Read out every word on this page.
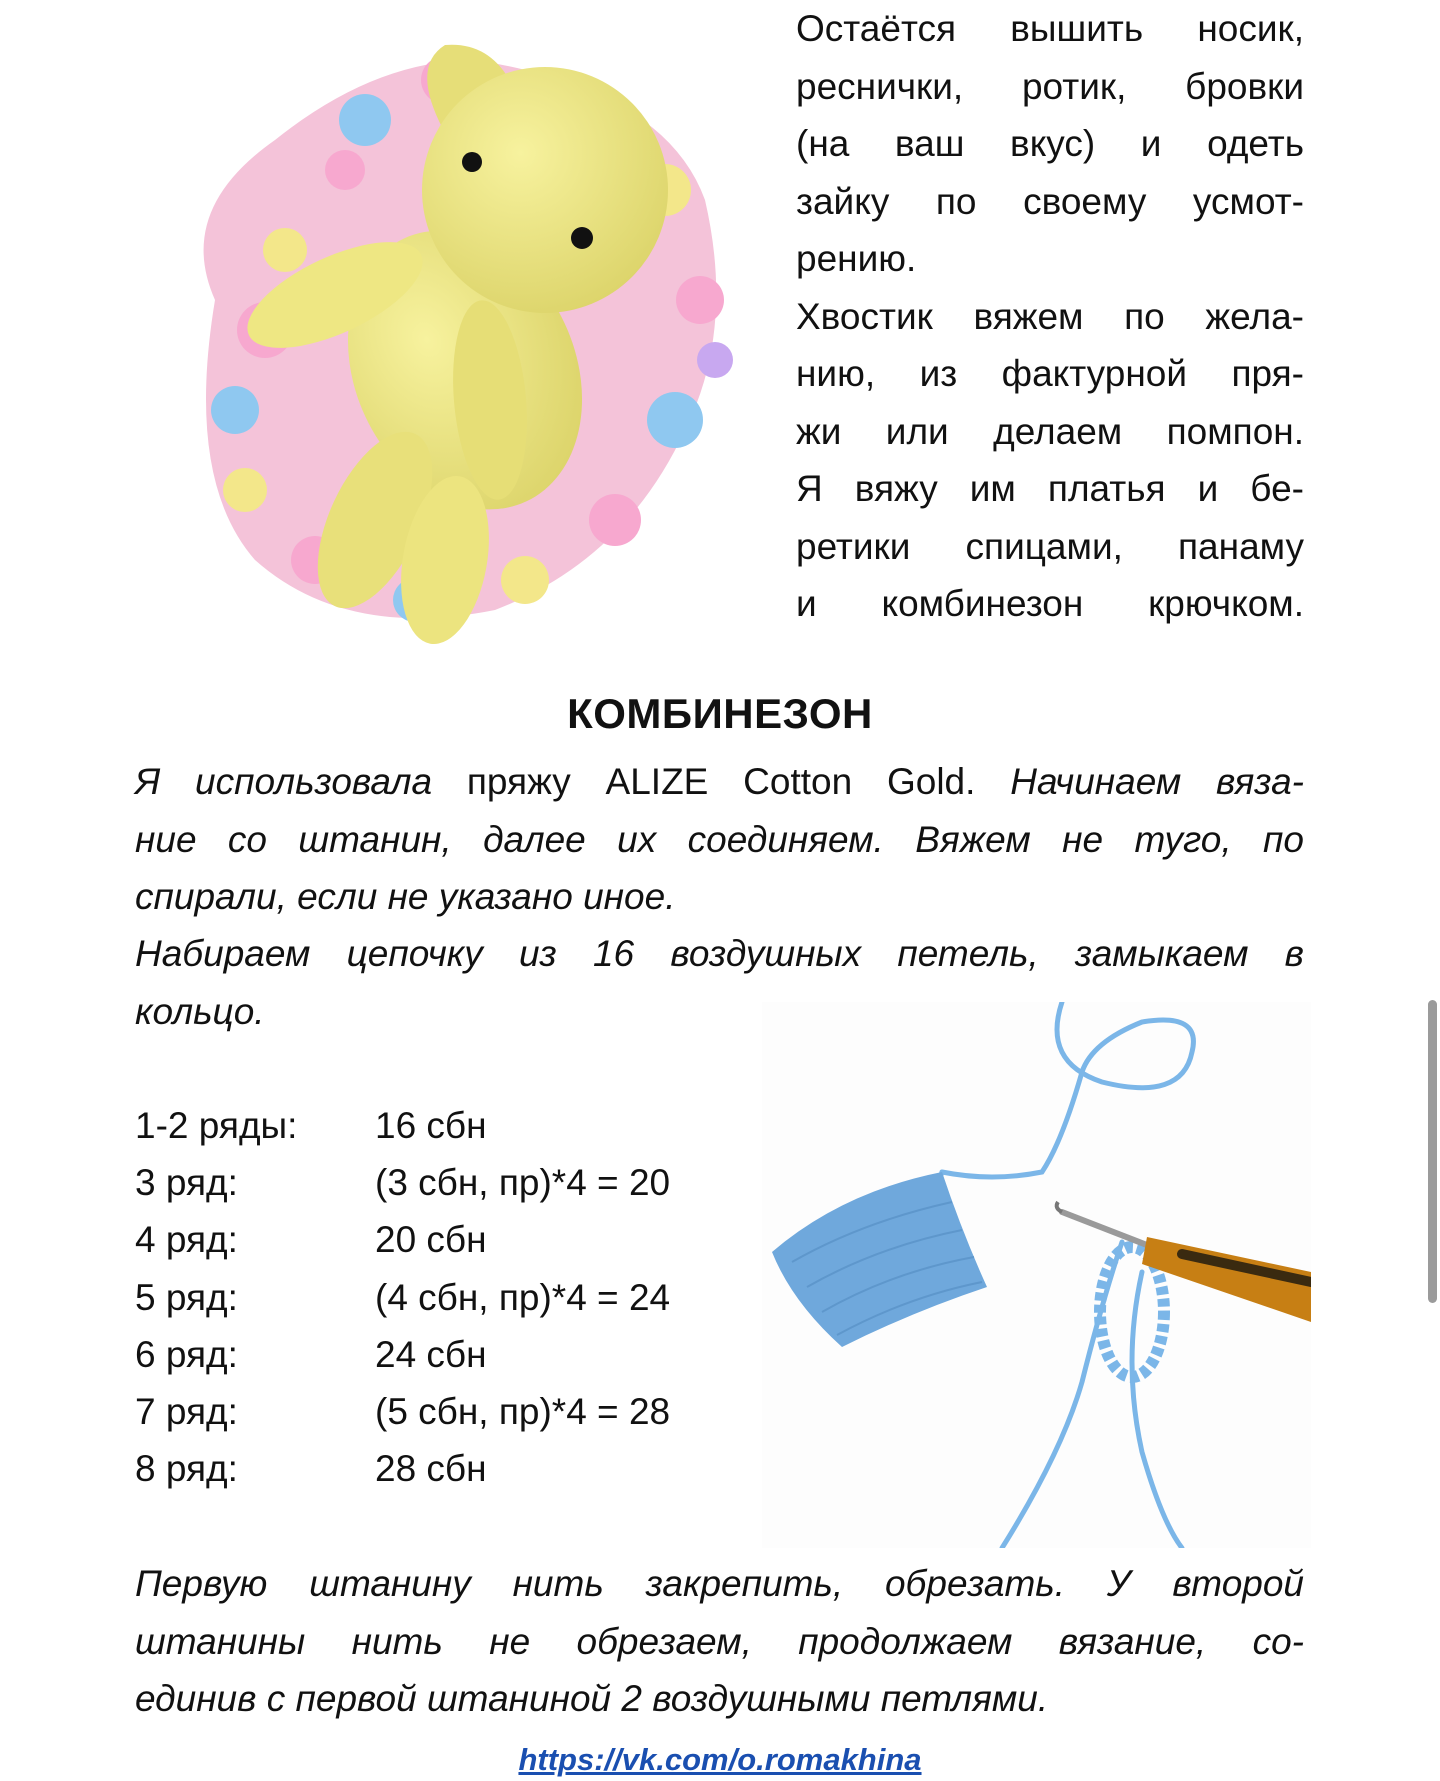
Остаётся вышить носик,
реснички, ротик, бровки
(на ваш вкус) и одеть
зайку по своему усмот-
рению.

Хвостик вяжем по жела-
нию, из фактурной пря-
жи или делаем помпон.

Я вяжу им платья и бе-
ретики спицами, панаму
и комбинезон крючком.

КОМБИНЕЗОН
Я использовала пряжу ALIZE Cotton Gold. Начинаем вяза-
ние со штанин, далее их соединяем. Вяжем не туго, по
спирали, если не указано иное.
Набираем цепочку из 16 воздушных петель, замыкаем в
кольцо.
1-2 ряды:	16 сбн
3 ряд:	(3 сбн, пр)*4 = 20
4 ряд:	20 сбн
5 ряд:	(4 сбн, пр)*4 = 24
6 ряд:	24 сбн
7 ряд:	(5 сбн, пр)*4 = 28
8 ряд:	28 сбн
Первую штанину нить закрепить, обрезать. У второй
штанины нить не обрезаем, продолжаем вязание, со-
единив с первой штаниной 2 воздушными петлями.
https://vk.com/o.romakhina
